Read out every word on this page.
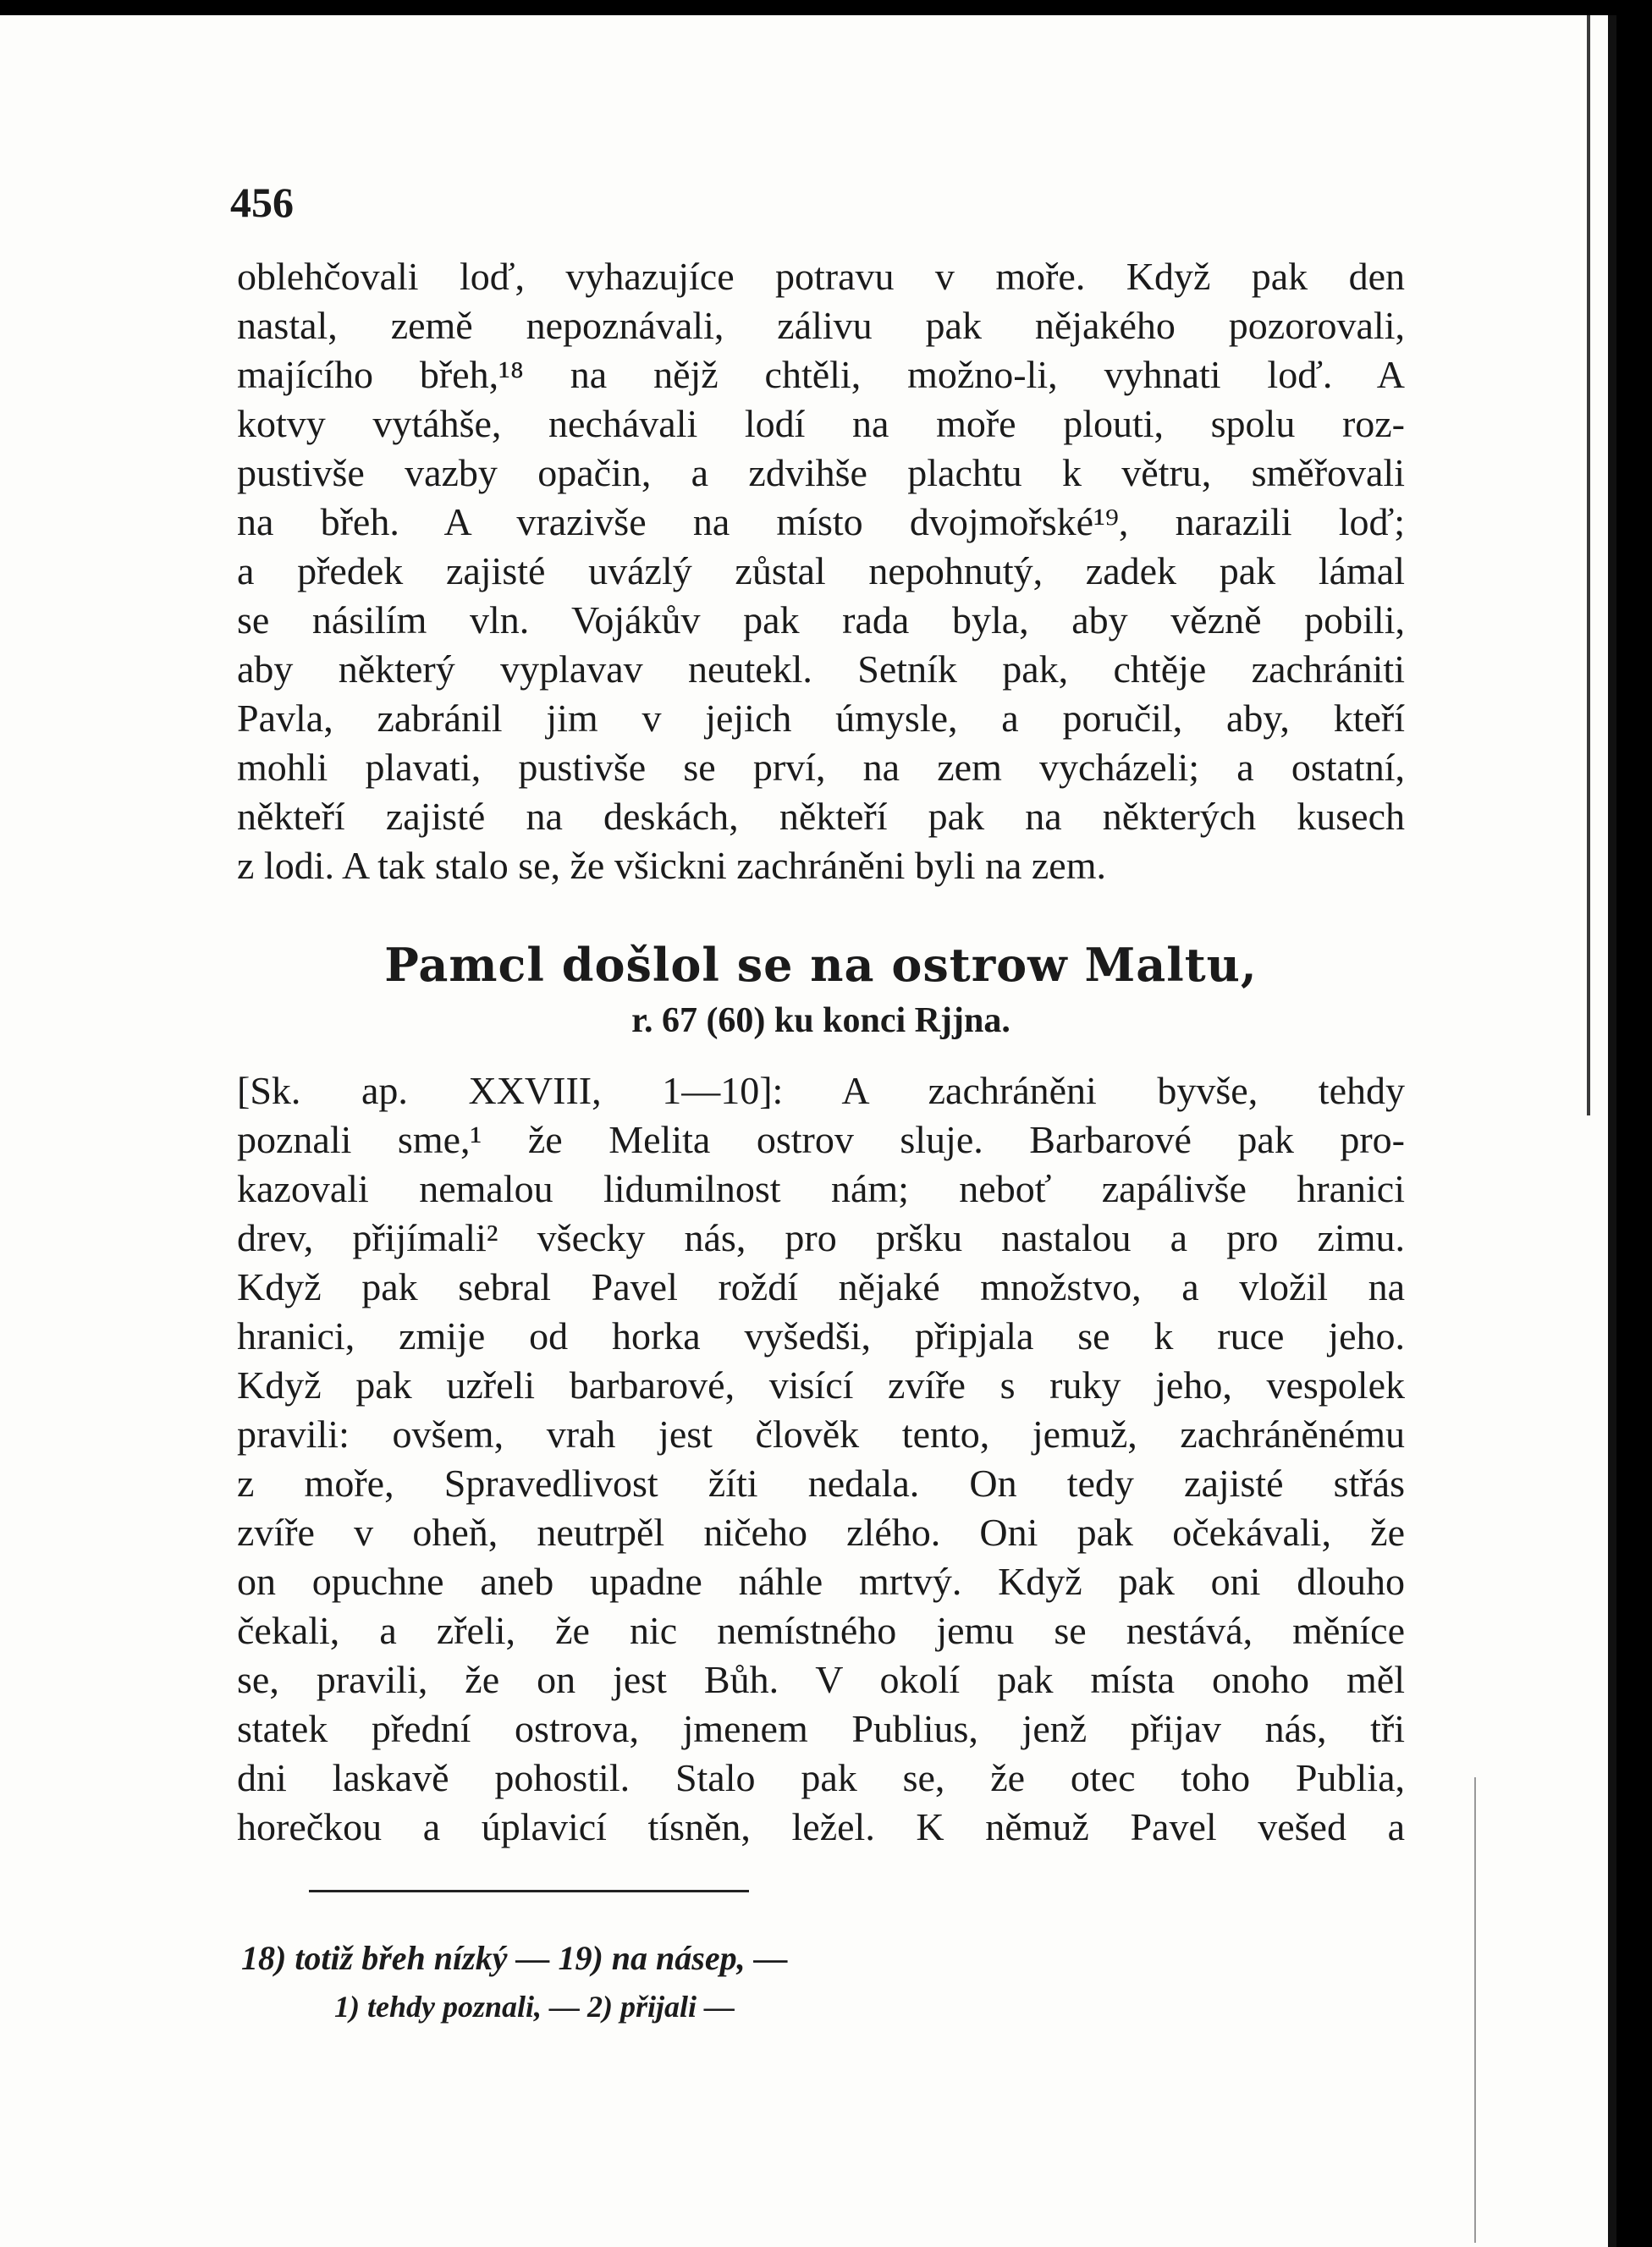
456
oblehčovali loď, vyhazujíce potravu v moře. Když pak den
nastal, země nepoznávali, zálivu pak nějakého pozorovali,
majícího břeh,¹⁸ na nějž chtěli, možno-li, vyhnati loď. A
kotvy vytáhše, nechávali lodí na moře plouti, spolu roz-
pustivše vazby opačin, a zdvihše plachtu k větru, směřovali
na břeh. A vrazivše na místo dvojmořské¹⁹, narazili loď;
a předek zajisté uvázlý zůstal nepohnutý, zadek pak lámal
se násilím vln. Vojákův pak rada byla, aby vězně pobili,
aby některý vyplavav neutekl. Setník pak, chtěje zachrániti
Pavla, zabránil jim v jejich úmysle, a poručil, aby, kteří
mohli plavati, pustivše se prví, na zem vycházeli; a ostatní,
někteří zajisté na deskách, někteří pak na některých kusech
z lodi. A tak stalo se, že všickni zachráněni byli na zem.
Pamcl došlol se na ostrow Maltu,
r. 67 (60) ku konci Rjjna.
[Sk. ap. XXVIII, 1—10]: A zachráněni byvše, tehdy
poznali sme,¹ že Melita ostrov sluje. Barbarové pak pro-
kazovali nemalou lidumilnost nám; neboť zapálivše hranici
drev, přijímali² všecky nás, pro pršku nastalou a pro zimu.
Když pak sebral Pavel roždí nějaké množstvo, a vložil na
hranici, zmije od horka vyšedši, připjala se k ruce jeho.
Když pak uzřeli barbarové, visící zvíře s ruky jeho, vespolek
pravili: ovšem, vrah jest člověk tento, jemuž, zachráněnému
z moře, Spravedlivost žíti nedala. On tedy zajisté střás
zvíře v oheň, neutrpěl ničeho zlého. Oni pak očekávali, že
on opuchne aneb upadne náhle mrtvý. Když pak oni dlouho
čekali, a zřeli, že nic nemístného jemu se nestává, měníce
se, pravili, že on jest Bůh. V okolí pak místa onoho měl
statek přední ostrova, jmenem Publius, jenž přijav nás, tři
dni laskavě pohostil. Stalo pak se, že otec toho Publia,
horečkou a úplavicí tísněn, ležel. K němuž Pavel vešed a
18) totiž břeh nízký — 19) na násep, —
1) tehdy poznali, — 2) přijali —
